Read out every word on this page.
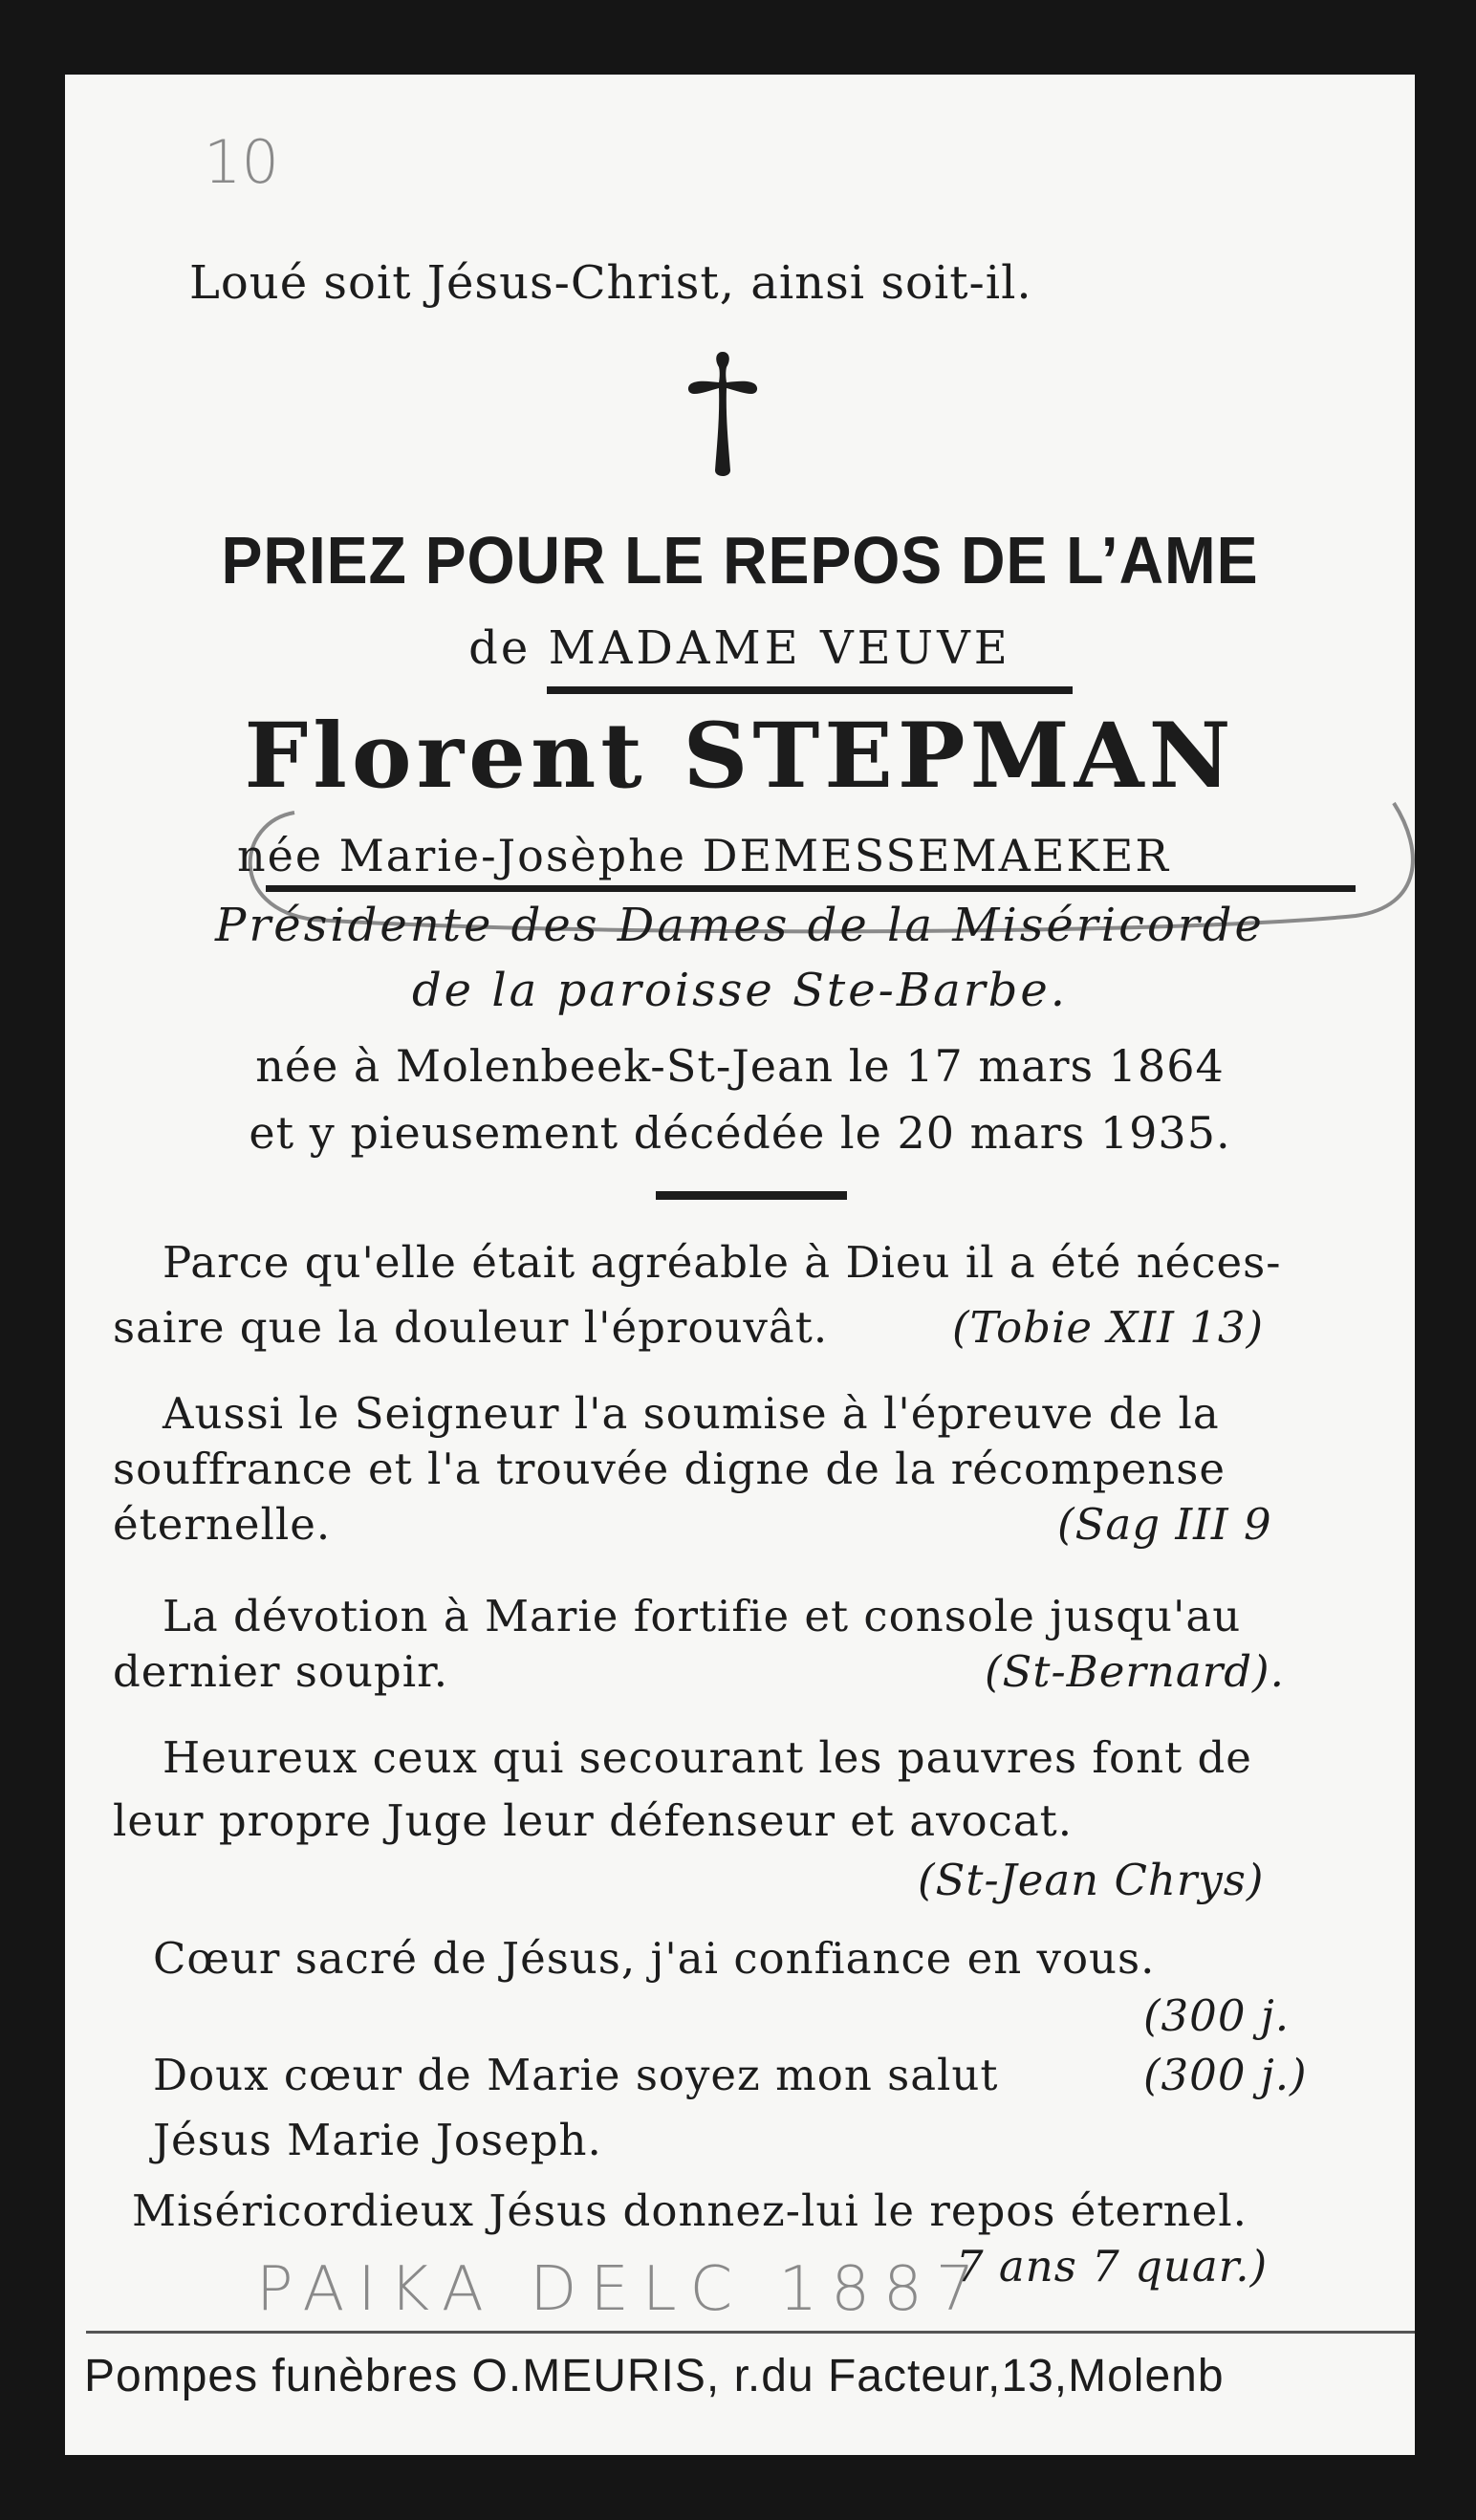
10
Loué soit Jésus-Christ, ainsi soit-il.
PRIEZ POUR LE REPOS DE L’AME
de MADAME VEUVE
Florent STEPMAN
née Marie-Josèphe DEMESSEMAEKER
Présidente des Dames de la Miséricorde
de la paroisse Ste-Barbe.
née à Molenbeek-St-Jean le 17 mars 1864
et y pieusement décédée le 20 mars 1935.
Parce qu'elle était agréable à Dieu il a été néces-
saire que la douleur l'éprouvât.	(Tobie XII 13)
Aussi le Seigneur l'a soumise à l'épreuve de la
souffrance et l'a trouvée digne de la récompense
éternelle.	(Sag III 9
La dévotion à Marie fortifie et console jusqu'au
dernier soupir.	(St-Bernard).
Heureux ceux qui secourant les pauvres font de
leur propre Juge leur défenseur et avocat.
(St-Jean Chrys)
Cœur sacré de Jésus, j'ai confiance en vous.
(300 j.
Doux cœur de Marie soyez mon salut	(300 j.)
Jésus Marie Joseph.
Miséricordieux Jésus donnez-lui le repos éternel.
7 ans 7 quar.)
PAIKA DELC 1887
Pompes funèbres O.MEURIS, r.du Facteur,13,Molenb
